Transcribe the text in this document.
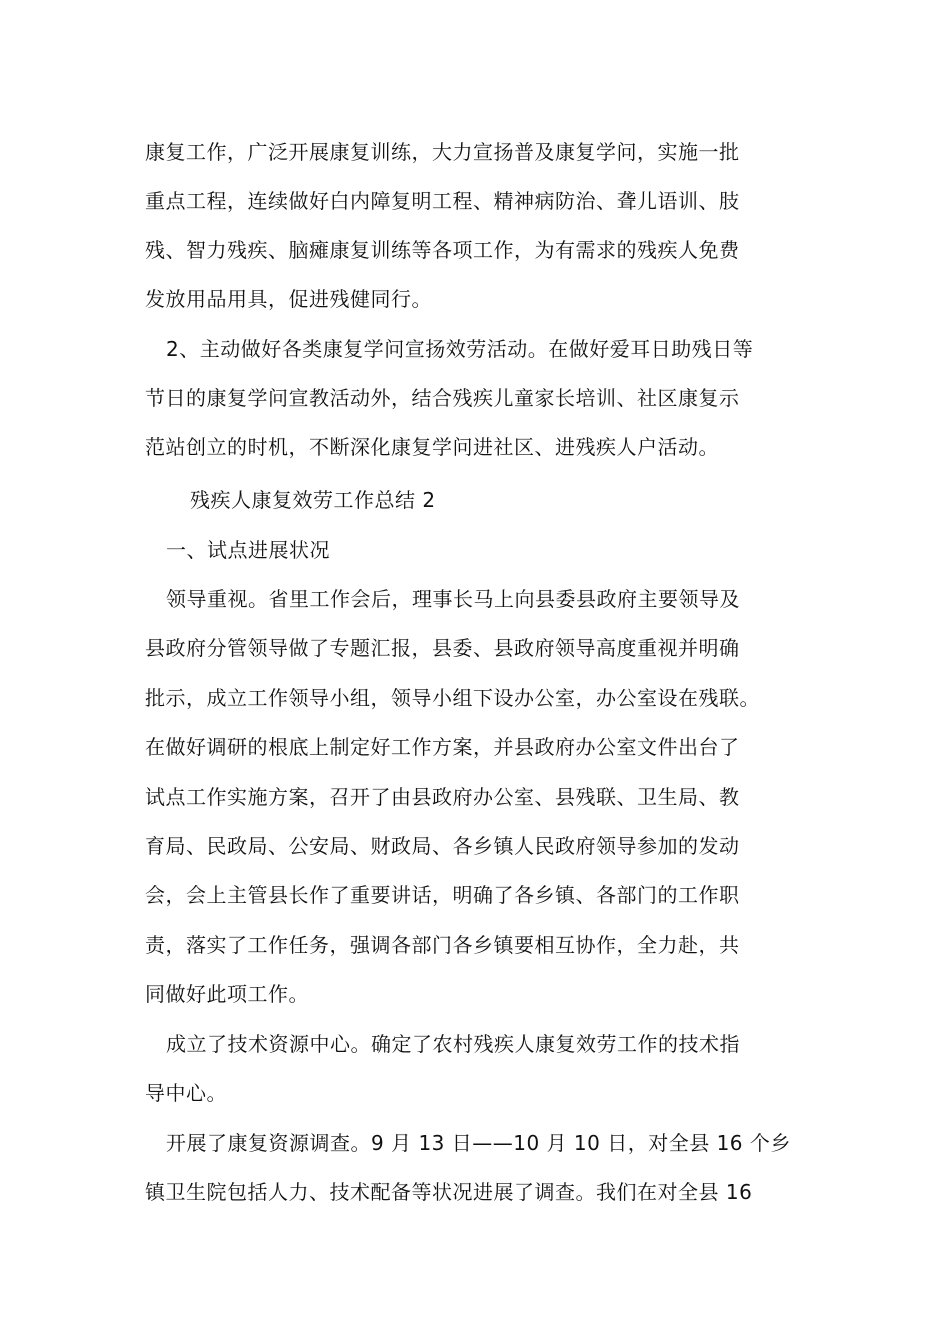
康复工作，广泛开展康复训练，大力宣扬普及康复学问，实施一批
重点工程，连续做好白内障复明工程、精神病防治、聋儿语训、肢
残、智力残疾、脑瘫康复训练等各项工作，为有需求的残疾人免费
发放用品用具，促进残健同行。
2、主动做好各类康复学问宣扬效劳活动。在做好爱耳日助残日等
节日的康复学问宣教活动外，结合残疾儿童家长培训、社区康复示
范站创立的时机，不断深化康复学问进社区、进残疾人户活动。
残疾人康复效劳工作总结 2
一、试点进展状况
领导重视。省里工作会后，理事长马上向县委县政府主要领导及
县政府分管领导做了专题汇报，县委、县政府领导高度重视并明确
批示，成立工作领导小组，领导小组下设办公室，办公室设在残联。
在做好调研的根底上制定好工作方案，并县政府办公室文件出台了
试点工作实施方案，召开了由县政府办公室、县残联、卫生局、教
育局、民政局、公安局、财政局、各乡镇人民政府领导参加的发动
会，会上主管县长作了重要讲话，明确了各乡镇、各部门的工作职
责，落实了工作任务，强调各部门各乡镇要相互协作，全力赴，共
同做好此项工作。
成立了技术资源中心。确定了农村残疾人康复效劳工作的技术指
导中心。
开展了康复资源调查。9 月 13 日——10 月 10 日，对全县 16 个乡
镇卫生院包括人力、技术配备等状况进展了调查。我们在对全县 16
